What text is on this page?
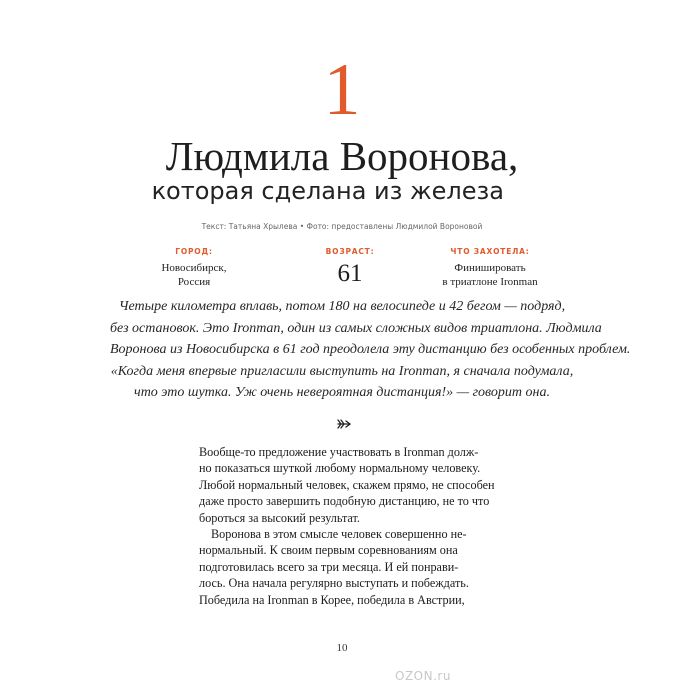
1
Людмила Воронова,
которая сделана из железа
Текст: Татьяна Хрылева • Фото: предоставлены Людмилой Вороновой
ГОРОД:
Новосибирск,
Россия
ВОЗРАСТ:
61
ЧТО ЗАХОТЕЛА:
Финишировать
в триатлоне Ironman
Четыре километра вплавь, потом 180 на велосипеде и 42 бегом — подряд,
без остановок. Это Ironman, один из самых сложных видов триатлона. Людмила
Воронова из Новосибирска в 61 год преодолела эту дистанцию без особенных проблем.
«Когда меня впервые пригласили выступить на Ironman, я сначала подумала,
что это шутка. Уж очень невероятная дистанция!» — говорит она.
Вообще-то предложение участвовать в Ironman долж-
но показаться шуткой любому нормальному человеку.
Любой нормальный человек, скажем прямо, не способен
даже просто завершить подобную дистанцию, не то что
бороться за высокий результат.
Воронова в этом смысле человек совершенно не-
нормальный. К своим первым соревнованиям она
подготовилась всего за три месяца. И ей понрави-
лось. Она начала регулярно выступать и побеждать.
Победила на Ironman в Корее, победила в Австрии,
10
OZON.ru
